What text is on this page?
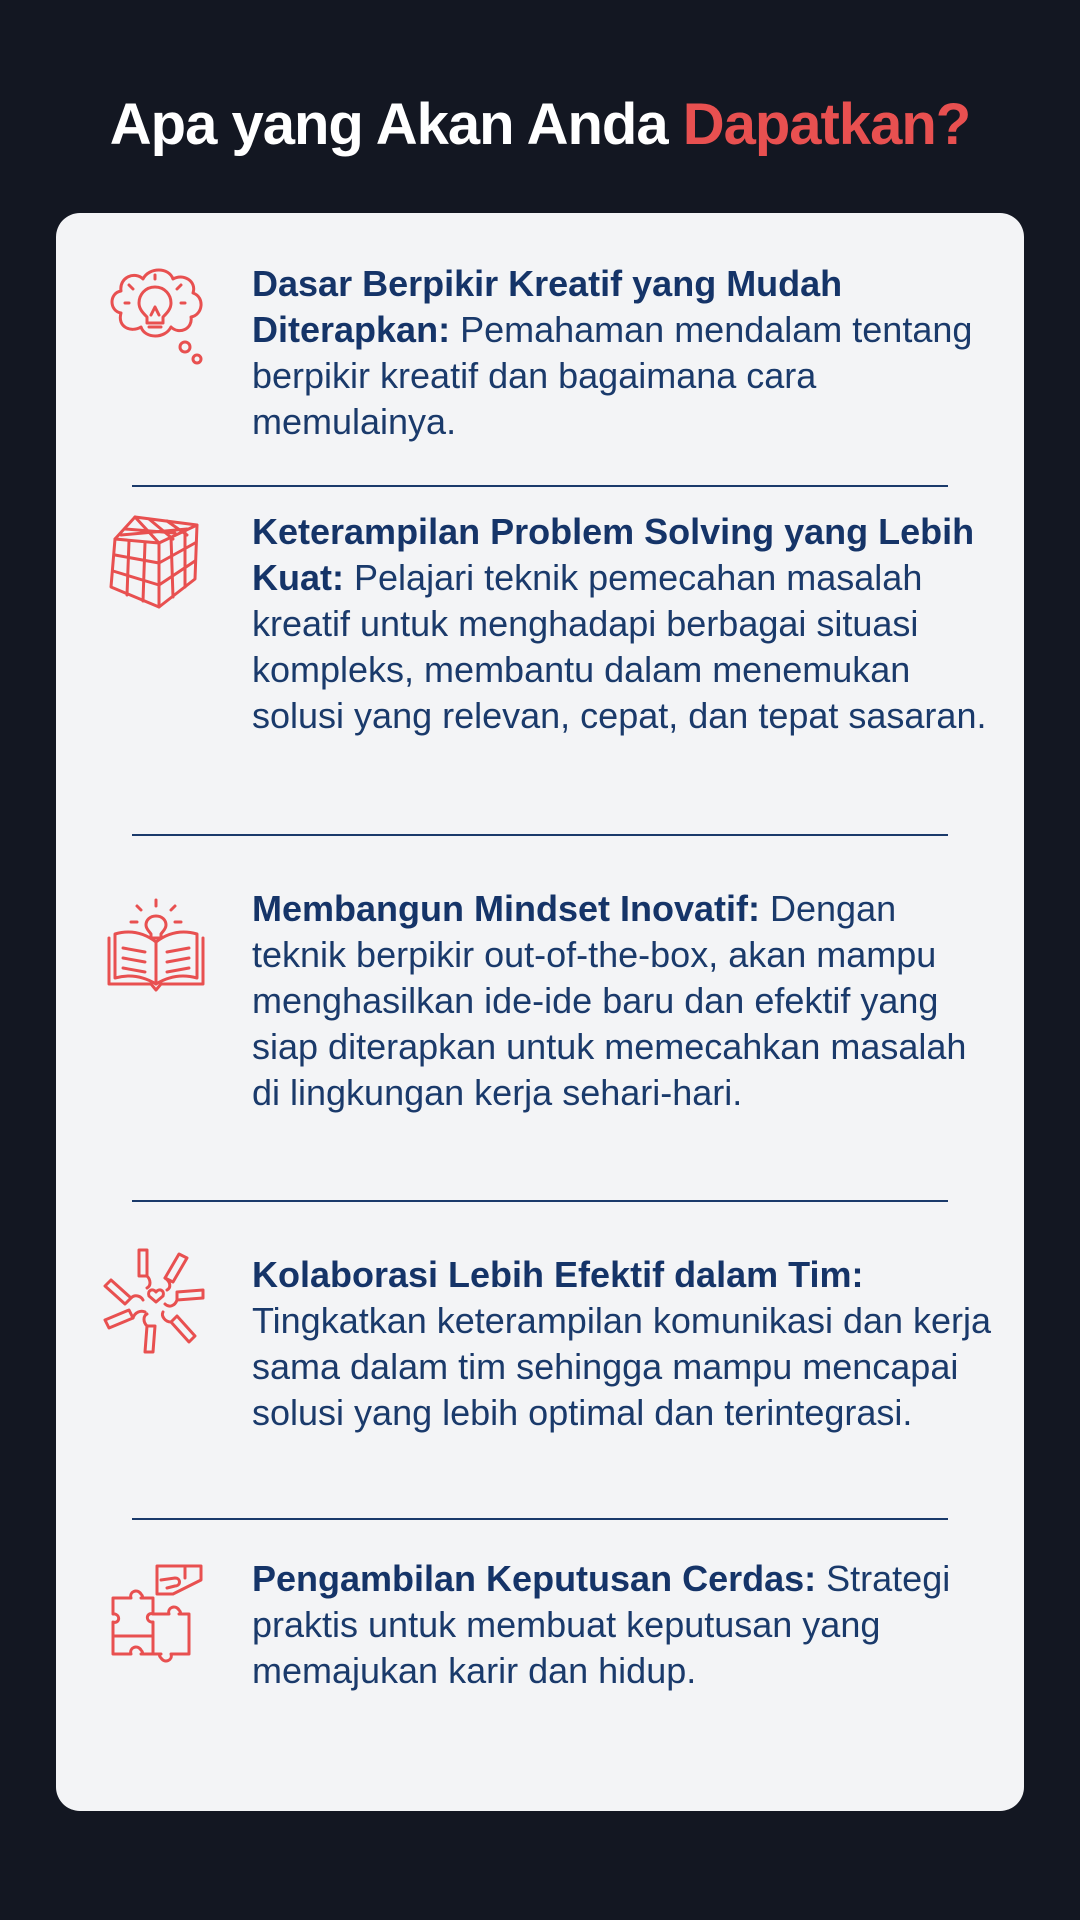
Apa yang Akan Anda Dapatkan?

Dasar Berpikir Kreatif yang Mudah Diterapkan: Pemahaman mendalam tentang berpikir kreatif dan bagaimana cara memulainya.

Keterampilan Problem Solving yang Lebih Kuat: Pelajari teknik pemecahan masalah kreatif untuk menghadapi berbagai situasi kompleks, membantu dalam menemukan solusi yang relevan, cepat, dan tepat sasaran.

Membangun Mindset Inovatif: Dengan teknik berpikir out-of-the-box, akan mampu menghasilkan ide-ide baru dan efektif yang siap diterapkan untuk memecahkan masalah di lingkungan kerja sehari-hari.

Kolaborasi Lebih Efektif dalam Tim: Tingkatkan keterampilan komunikasi dan kerja sama dalam tim sehingga mampu mencapai solusi yang lebih optimal dan terintegrasi.

Pengambilan Keputusan Cerdas: Strategi praktis untuk membuat keputusan yang memajukan karir dan hidup.
